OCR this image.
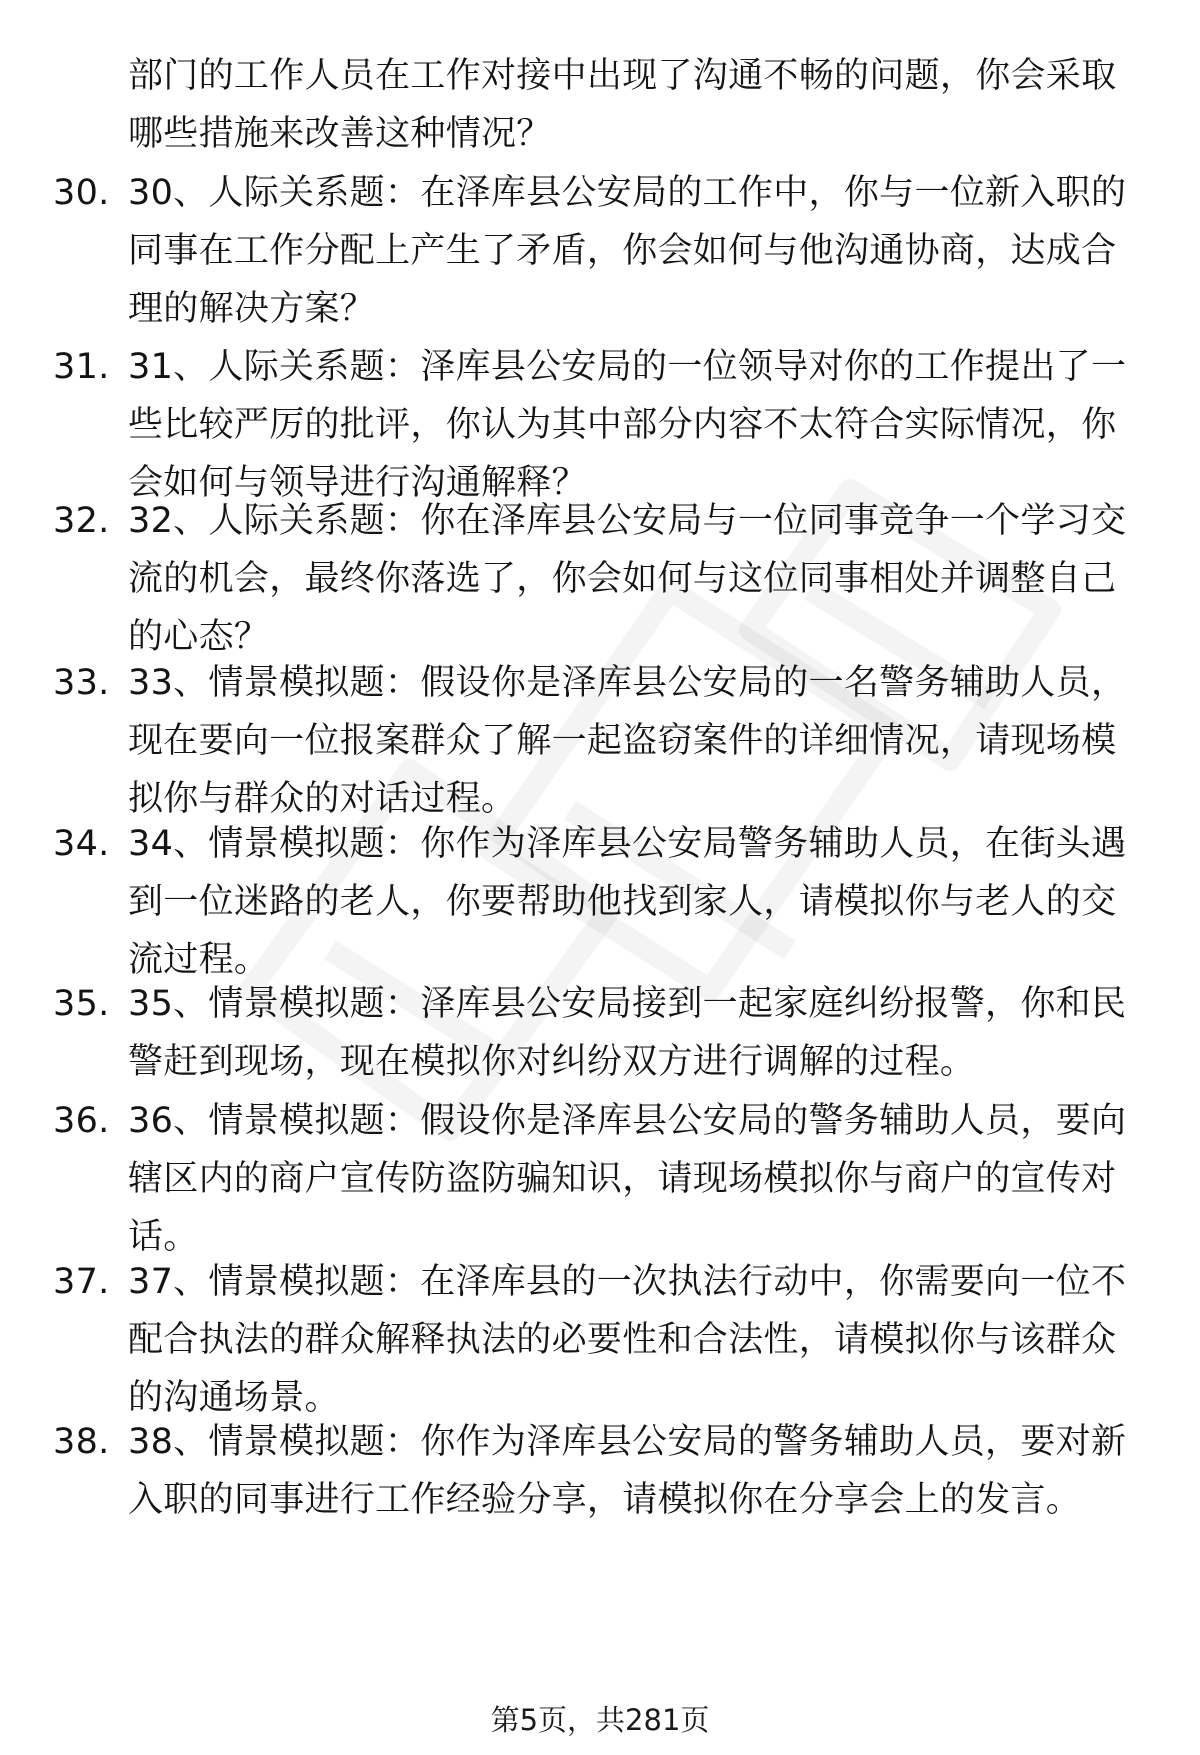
部门的工作人员在工作对接中出现了沟通不畅的问题，你会采取
哪些措施来改善这种情况？
30. 30、人际关系题：在泽库县公安局的工作中，你与一位新入职的
同事在工作分配上产生了矛盾，你会如何与他沟通协商，达成合
理的解决方案？
31. 31、人际关系题：泽库县公安局的一位领导对你的工作提出了一
些比较严厉的批评，你认为其中部分内容不太符合实际情况，你
会如何与领导进行沟通解释？
32. 32、人际关系题：你在泽库县公安局与一位同事竞争一个学习交
流的机会，最终你落选了，你会如何与这位同事相处并调整自己
的心态？
33. 33、情景模拟题：假设你是泽库县公安局的一名警务辅助人员，
现在要向一位报案群众了解一起盗窃案件的详细情况，请现场模
拟你与群众的对话过程。
34. 34、情景模拟题：你作为泽库县公安局警务辅助人员，在街头遇
到一位迷路的老人，你要帮助他找到家人，请模拟你与老人的交
流过程。
35. 35、情景模拟题：泽库县公安局接到一起家庭纠纷报警，你和民
警赶到现场，现在模拟你对纠纷双方进行调解的过程。
36. 36、情景模拟题：假设你是泽库县公安局的警务辅助人员，要向
辖区内的商户宣传防盗防骗知识，请现场模拟你与商户的宣传对
话。
37. 37、情景模拟题：在泽库县的一次执法行动中，你需要向一位不
配合执法的群众解释执法的必要性和合法性，请模拟你与该群众
的沟通场景。
38. 38、情景模拟题：你作为泽库县公安局的警务辅助人员，要对新
入职的同事进行工作经验分享，请模拟你在分享会上的发言。
第5页，共281页
